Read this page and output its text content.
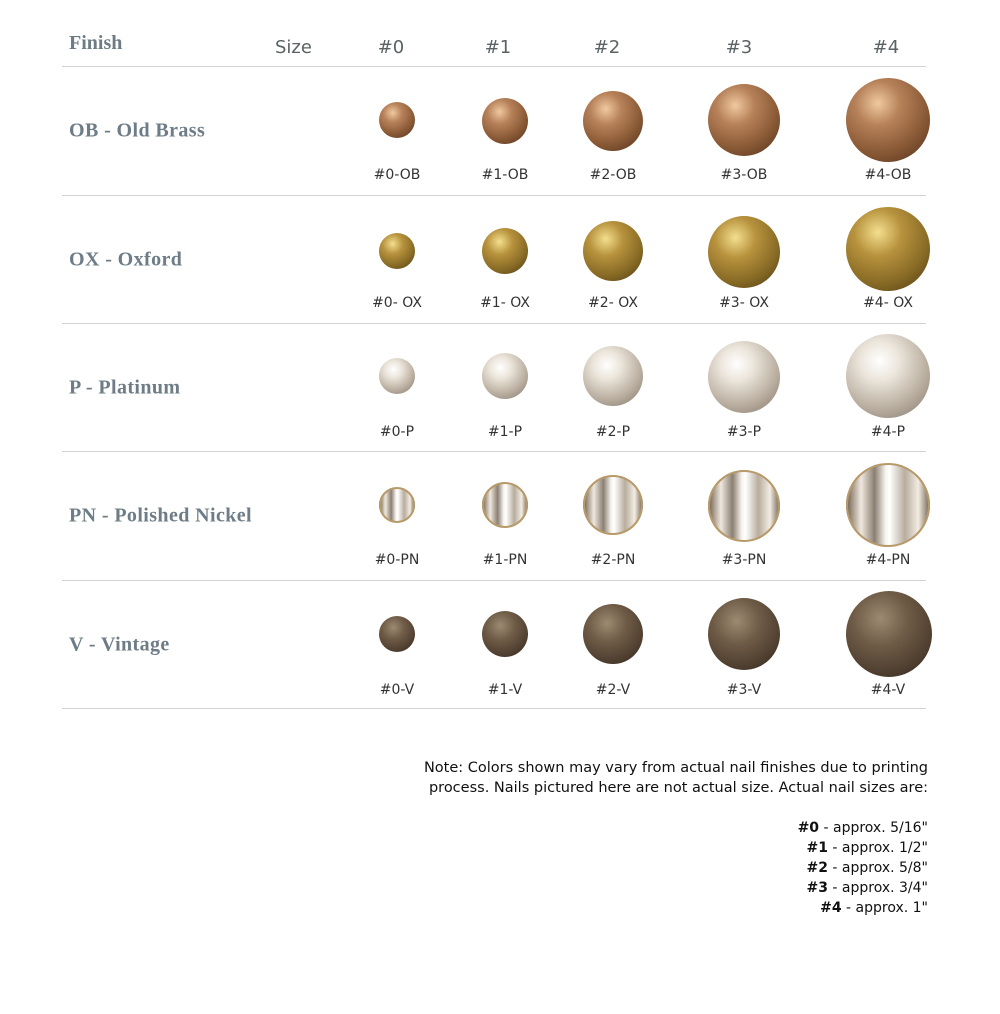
Finish	Size	#0	#1	#2	#3	#4
OB - Old Brass
#0-OB	#1-OB	#2-OB	#3-OB	#4-OB
OX - Oxford
#0- OX	#1- OX	#2- OX	#3- OX	#4- OX
P - Platinum
#0-P	#1-P	#2-P	#3-P	#4-P
PN - Polished Nickel
#0-PN	#1-PN	#2-PN	#3-PN	#4-PN
V - Vintage
#0-V	#1-V	#2-V	#3-V	#4-V
Note: Colors shown may vary from actual nail finishes due to printing
process. Nails pictured here are not actual size. Actual nail sizes are:
#0 - approx. 5/16"
#1 - approx. 1/2"
#2 - approx. 5/8"
#3 - approx. 3/4"
#4 - approx. 1"
